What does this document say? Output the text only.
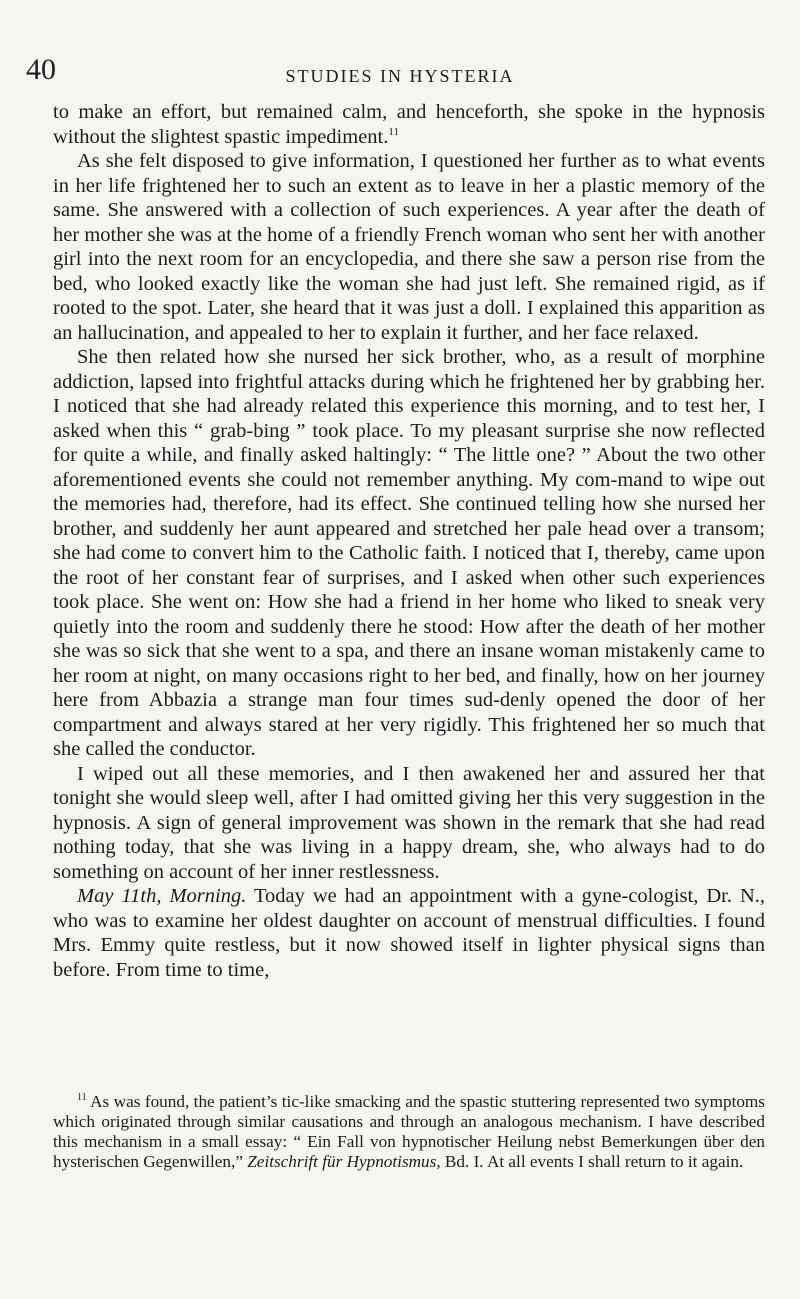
40	STUDIES IN HYSTERIA

to make an effort, but remained calm, and henceforth, she spoke in the hypnosis without the slightest spastic impediment.$^{11}$

As she felt disposed to give information, I questioned her further as to what events in her life frightened her to such an extent as to leave in her a plastic memory of the same. She answered with a collection of such experiences. A year after the death of her mother she was at the home of a friendly French woman who sent her with another girl into the next room for an encyclopedia, and there she saw a person rise from the bed, who looked exactly like the woman she had just left. She remained rigid, as if rooted to the spot. Later, she heard that it was just a doll. I explained this apparition as an hallucination, and appealed to her to explain it further, and her face relaxed.

She then related how she nursed her sick brother, who, as a result of morphine addiction, lapsed into frightful attacks during which he frightened her by grabbing her. I noticed that she had already related this experience this morning, and to test her, I asked when this “ grab-bing ” took place. To my pleasant surprise she now reflected for quite a while, and finally asked haltingly: “ The little one? ” About the two other aforementioned events she could not remember anything. My com-mand to wipe out the memories had, therefore, had its effect. She continued telling how she nursed her brother, and suddenly her aunt appeared and stretched her pale head over a transom; she had come to convert him to the Catholic faith. I noticed that I, thereby, came upon the root of her constant fear of surprises, and I asked when other such experiences took place. She went on: How she had a friend in her home who liked to sneak very quietly into the room and suddenly there he stood: How after the death of her mother she was so sick that she went to a spa, and there an insane woman mistakenly came to her room at night, on many occasions right to her bed, and finally, how on her journey here from Abbazia a strange man four times sud-denly opened the door of her compartment and always stared at her very rigidly. This frightened her so much that she called the conductor.

I wiped out all these memories, and I then awakened her and assured her that tonight she would sleep well, after I had omitted giving her this very suggestion in the hypnosis. A sign of general improvement was shown in the remark that she had read nothing today, that she was living in a happy dream, she, who always had to do something on account of her inner restlessness.

May 11th, Morning. Today we had an appointment with a gyne-cologist, Dr. N., who was to examine her oldest daughter on account of menstrual difficulties. I found Mrs. Emmy quite restless, but it now showed itself in lighter physical signs than before. From time to time,

$^{11}$ As was found, the patient’s tic-like smacking and the spastic stuttering represented two symptoms which originated through similar causations and through an analogous mechanism. I have described this mechanism in a small essay: “ Ein Fall von hypnotischer Heilung nebst Bemerkungen über den hysterischen Gegenwillen,” Zeitschrift für Hypnotismus, Bd. I. At all events I shall return to it again.
